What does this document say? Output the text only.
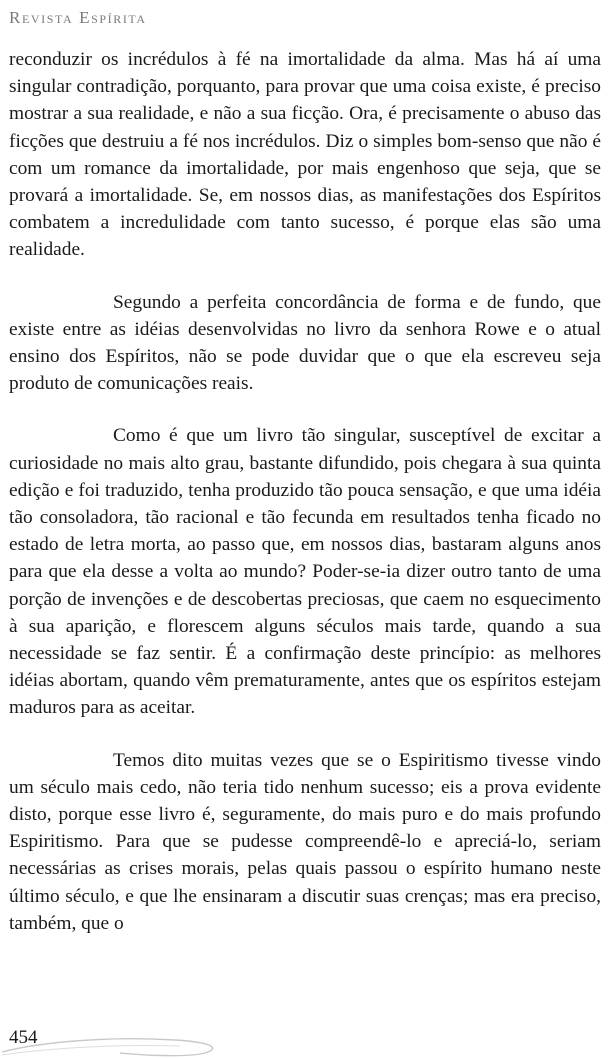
Revista Espírita

reconduzir os incrédulos à fé na imortalidade da alma. Mas há aí uma singular contradição, porquanto, para provar que uma coisa existe, é preciso mostrar a sua realidade, e não a sua ficção. Ora, é precisamente o abuso das ficções que destruiu a fé nos incrédulos. Diz o simples bom-senso que não é com um romance da imortalidade, por mais engenhoso que seja, que se provará a imortalidade. Se, em nossos dias, as manifestações dos Espíritos combatem a incredulidade com tanto sucesso, é porque elas são uma realidade.

Segundo a perfeita concordância de forma e de fundo, que existe entre as idéias desenvolvidas no livro da senhora Rowe e o atual ensino dos Espíritos, não se pode duvidar que o que ela escreveu seja produto de comunicações reais.

Como é que um livro tão singular, susceptível de excitar a curiosidade no mais alto grau, bastante difundido, pois chegara à sua quinta edição e foi traduzido, tenha produzido tão pouca sensação, e que uma idéia tão consoladora, tão racional e tão fecunda em resultados tenha ficado no estado de letra morta, ao passo que, em nossos dias, bastaram alguns anos para que ela desse a volta ao mundo? Poder-se-ia dizer outro tanto de uma porção de invenções e de descobertas preciosas, que caem no esquecimento à sua aparição, e florescem alguns séculos mais tarde, quando a sua necessidade se faz sentir. É a confirmação deste princípio: as melhores idéias abortam, quando vêm prematuramente, antes que os espíritos estejam maduros para as aceitar.

Temos dito muitas vezes que se o Espiritismo tivesse vindo um século mais cedo, não teria tido nenhum sucesso; eis a prova evidente disto, porque esse livro é, seguramente, do mais puro e do mais profundo Espiritismo. Para que se pudesse compreendê-lo e apreciá-lo, seriam necessárias as crises morais, pelas quais passou o espírito humano neste último século, e que lhe ensinaram a discutir suas crenças; mas era preciso, também, que o

454
